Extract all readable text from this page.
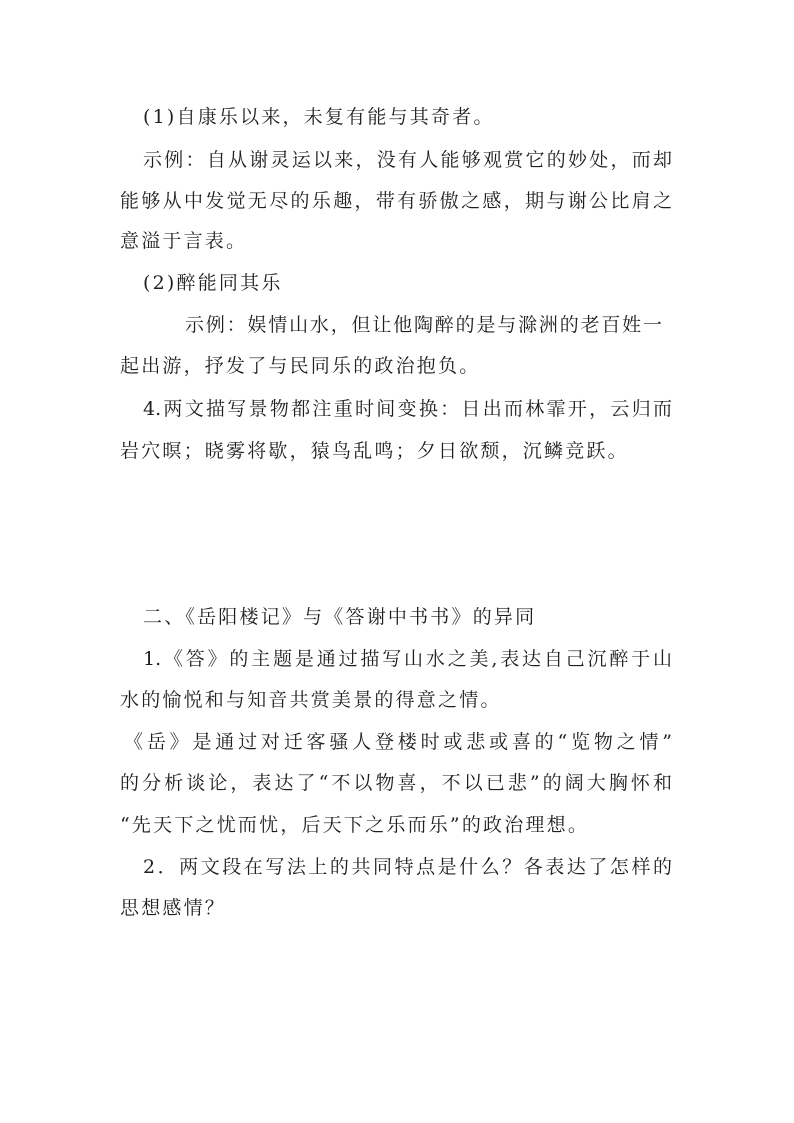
(1)自康乐以来，未复有能与其奇者。
示例：自从谢灵运以来，没有人能够观赏它的妙处，而却
能够从中发觉无尽的乐趣，带有骄傲之感，期与谢公比肩之
意溢于言表。
(2)醉能同其乐
示例：娱情山水，但让他陶醉的是与滁洲的老百姓一
起出游，抒发了与民同乐的政治抱负。
4.两文描写景物都注重时间变换：日出而林霏开，云归而
岩穴暝；晓雾将歇，猿鸟乱鸣；夕日欲颓，沉鳞竞跃。
二、《岳阳楼记》与《答谢中书书》的异同
1.《答》的主题是通过描写山水之美,表达自己沉醉于山
水的愉悦和与知音共赏美景的得意之情。
《岳》是通过对迁客骚人登楼时或悲或喜的“览物之情”
的分析谈论，表达了“不以物喜，不以已悲”的阔大胸怀和
“先天下之忧而忧，后天下之乐而乐”的政治理想。
2．两文段在写法上的共同特点是什么？各表达了怎样的
思想感情？
